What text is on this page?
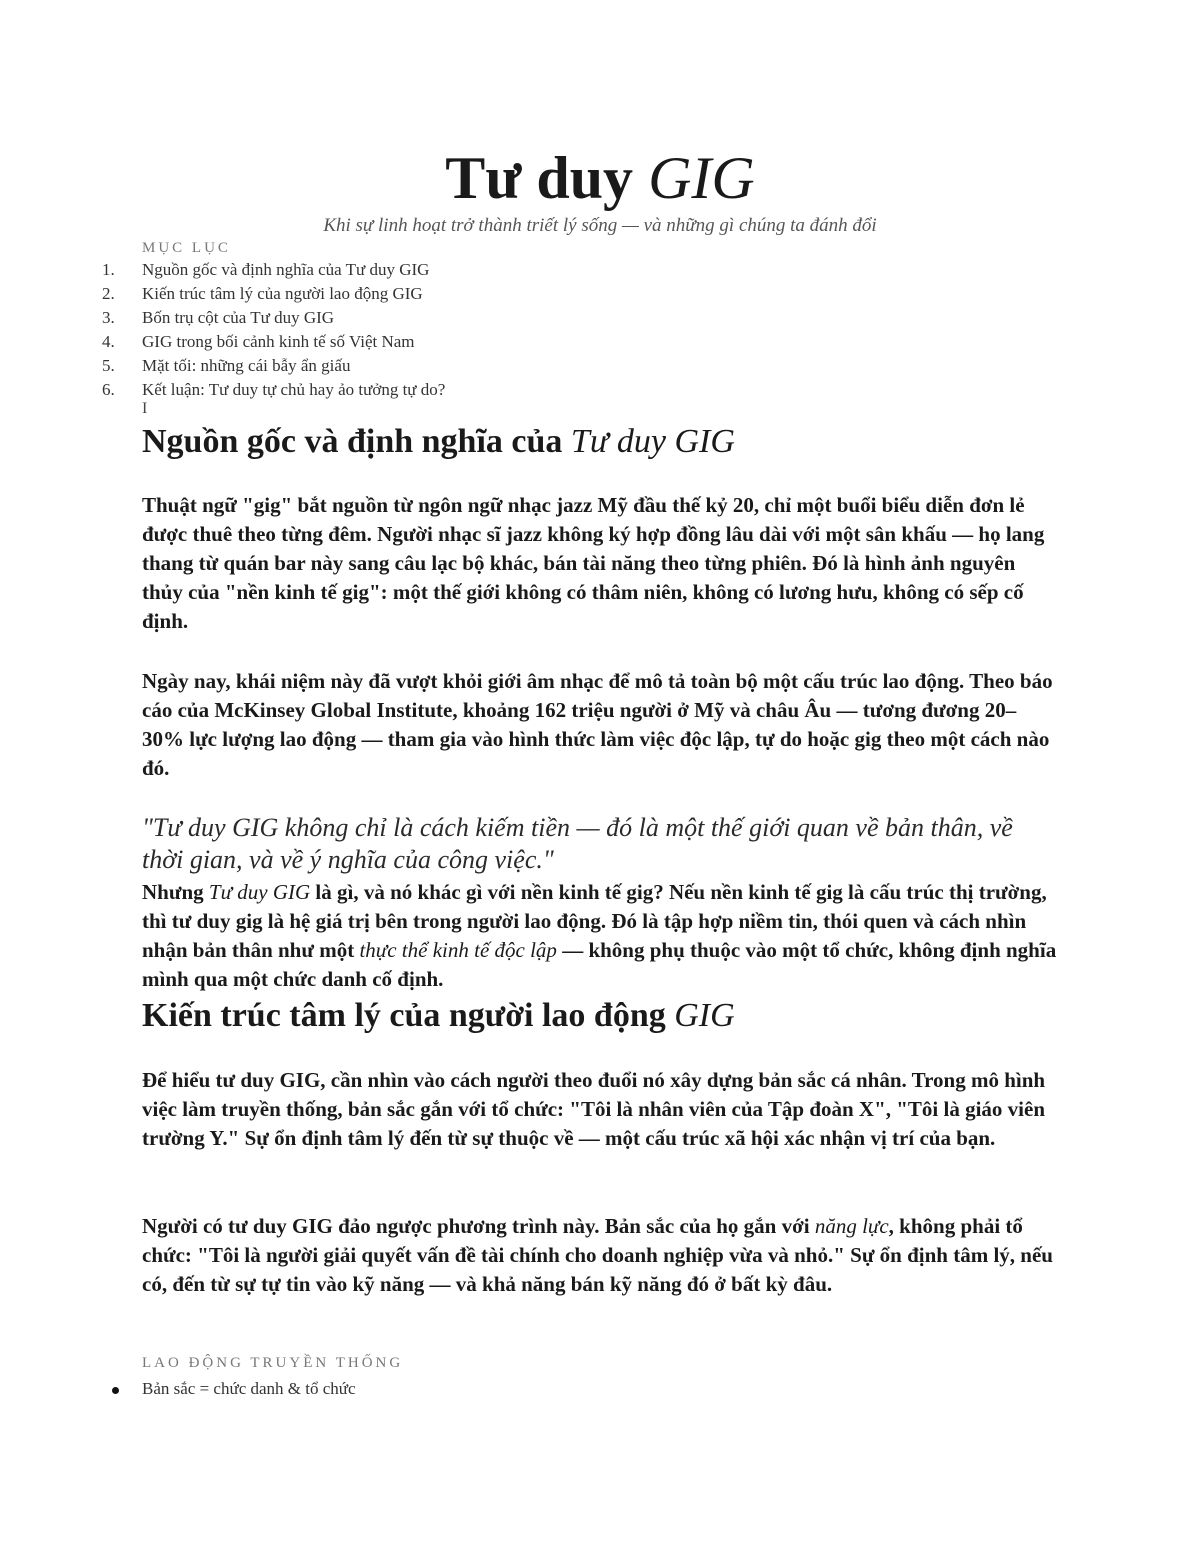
Tư duy GIG
Khi sự linh hoạt trở thành triết lý sống — và những gì chúng ta đánh đổi
MỤC LỤC
1.	Nguồn gốc và định nghĩa của Tư duy GIG
2.	Kiến trúc tâm lý của người lao động GIG
3.	Bốn trụ cột của Tư duy GIG
4.	GIG trong bối cảnh kinh tế số Việt Nam
5.	Mặt tối: những cái bẫy ẩn giấu
6.	Kết luận: Tư duy tự chủ hay ảo tưởng tự do?
I
Nguồn gốc và định nghĩa của Tư duy GIG

Thuật ngữ "gig" bắt nguồn từ ngôn ngữ nhạc jazz Mỹ đầu thế kỷ 20, chỉ một buổi biểu diễn đơn lẻ được thuê theo từng đêm. Người nhạc sĩ jazz không ký hợp đồng lâu dài với một sân khấu — họ lang thang từ quán bar này sang câu lạc bộ khác, bán tài năng theo từng phiên. Đó là hình ảnh nguyên thủy của "nền kinh tế gig": một thế giới không có thâm niên, không có lương hưu, không có sếp cố định.

Ngày nay, khái niệm này đã vượt khỏi giới âm nhạc để mô tả toàn bộ một cấu trúc lao động. Theo báo cáo của McKinsey Global Institute, khoảng 162 triệu người ở Mỹ và châu Âu — tương đương 20–30% lực lượng lao động — tham gia vào hình thức làm việc độc lập, tự do hoặc gig theo một cách nào đó.

"Tư duy GIG không chỉ là cách kiếm tiền — đó là một thế giới quan về bản thân, về thời gian, và về ý nghĩa của công việc."

Nhưng Tư duy GIG là gì, và nó khác gì với nền kinh tế gig? Nếu nền kinh tế gig là cấu trúc thị trường, thì tư duy gig là hệ giá trị bên trong người lao động. Đó là tập hợp niềm tin, thói quen và cách nhìn nhận bản thân như một thực thể kinh tế độc lập — không phụ thuộc vào một tổ chức, không định nghĩa mình qua một chức danh cố định.

Kiến trúc tâm lý của người lao động GIG

Để hiểu tư duy GIG, cần nhìn vào cách người theo đuổi nó xây dựng bản sắc cá nhân. Trong mô hình việc làm truyền thống, bản sắc gắn với tổ chức: "Tôi là nhân viên của Tập đoàn X", "Tôi là giáo viên trường Y." Sự ổn định tâm lý đến từ sự thuộc về — một cấu trúc xã hội xác nhận vị trí của bạn.

Người có tư duy GIG đảo ngược phương trình này. Bản sắc của họ gắn với năng lực, không phải tổ chức: "Tôi là người giải quyết vấn đề tài chính cho doanh nghiệp vừa và nhỏ." Sự ổn định tâm lý, nếu có, đến từ sự tự tin vào kỹ năng — và khả năng bán kỹ năng đó ở bất kỳ đâu.

LAO ĐỘNG TRUYỀN THỐNG
Bản sắc = chức danh & tổ chức
